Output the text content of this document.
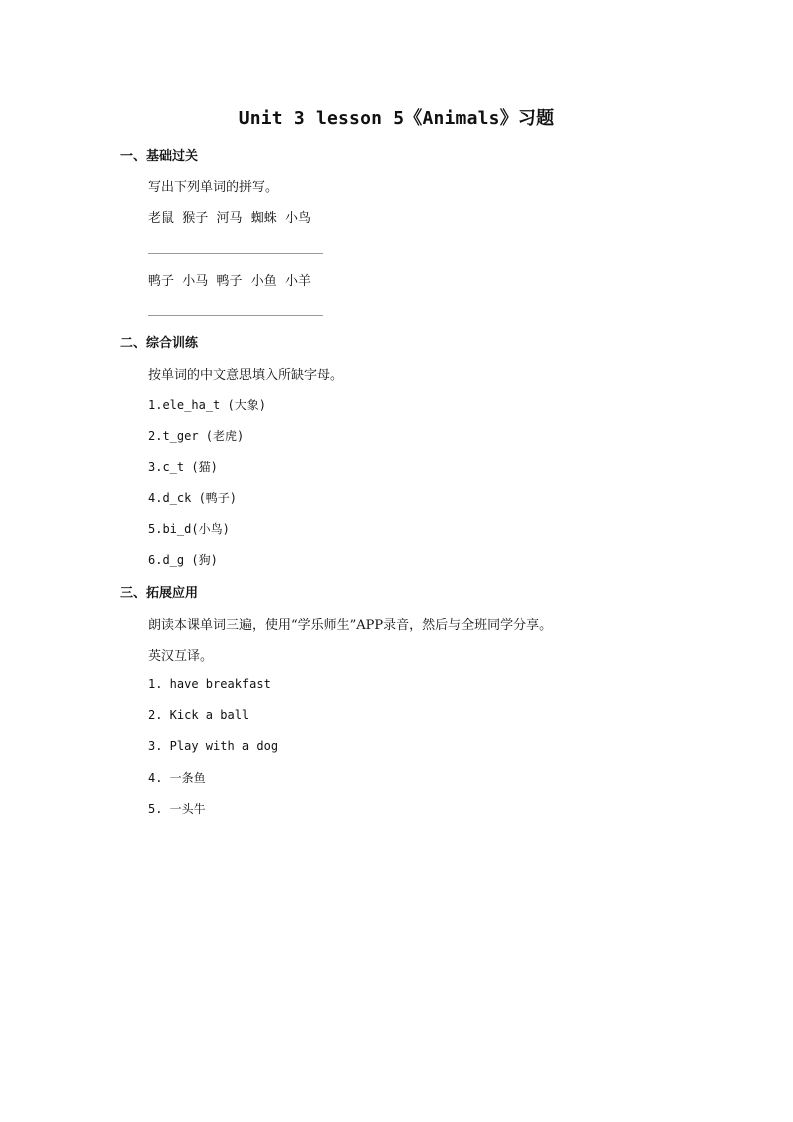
Unit 3 lesson 5《Animals》习题
一、基础过关
写出下列单词的拼写。
老鼠  猴子  河马  蜘蛛  小鸟
鸭子  小马  鸭子  小鱼  小羊
二、综合训练
按单词的中文意思填入所缺字母。
1.ele_ha_t (大象)
2.t_ger (老虎)
3.c_t (猫)
4.d_ck (鸭子)
5.bi_d(小鸟)
6.d_g (狗)
三、拓展应用
朗读本课单词三遍，使用“学乐师生”APP录音，然后与全班同学分享。
英汉互译。
1. have breakfast
2. Kick a ball
3. Play with a dog
4. 一条鱼
5. 一头牛
